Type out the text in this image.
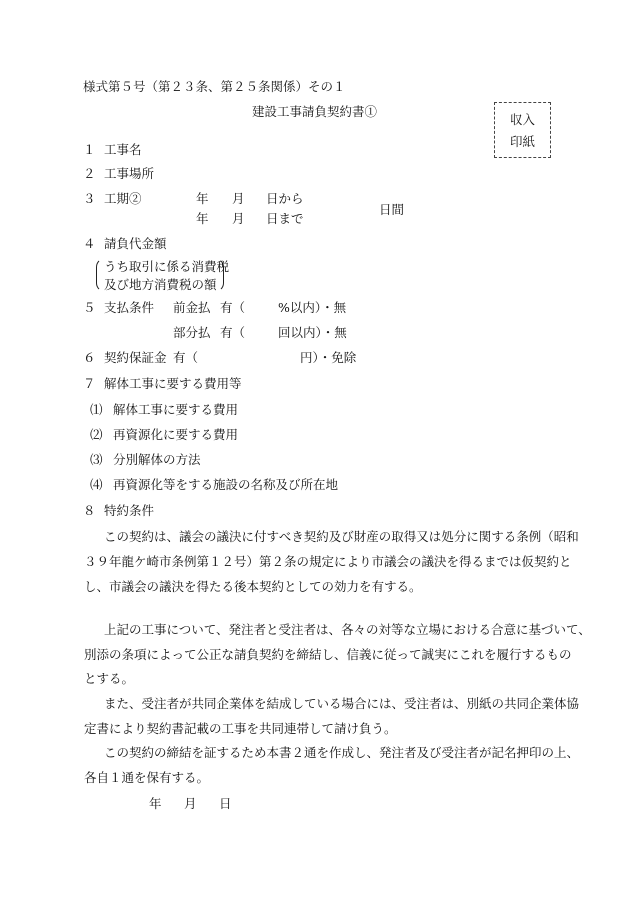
様式第５号（第２３条、第２５条関係）その１
建設工事請負契約書①
収入
印紙
１ 工事名
２ 工事場所
３ 工期②	年 月 日から
年 月 日まで
日間
４ 請負代金額
うち取引に係る消費税
及び地方消費税の額
５ 支払条件 前金払 有（	%以内）・無
部分払 有（	回以内）・無
６ 契約保証金 有（	円）・免除
７ 解体工事に要する費用等
⑴ 解体工事に要する費用
⑵ 再資源化に要する費用
⑶ 分別解体の方法
⑷ 再資源化等をする施設の名称及び所在地
８ 特約条件
この契約は、議会の議決に付すべき契約及び財産の取得又は処分に関する条例（昭和
３９年龍ケ崎市条例第１２号）第２条の規定により市議会の議決を得るまでは仮契約と
し、市議会の議決を得たる後本契約としての効力を有する。
上記の工事について、発注者と受注者は、各々の対等な立場における合意に基づいて、
別添の条項によって公正な請負契約を締結し、信義に従って誠実にこれを履行するもの
とする。
また、受注者が共同企業体を結成している場合には、受注者は、別紙の共同企業体協
定書により契約書記載の工事を共同連帯して請け負う。
この契約の締結を証するため本書２通を作成し、発注者及び受注者が記名押印の上、
各自１通を保有する。
年 月 日
